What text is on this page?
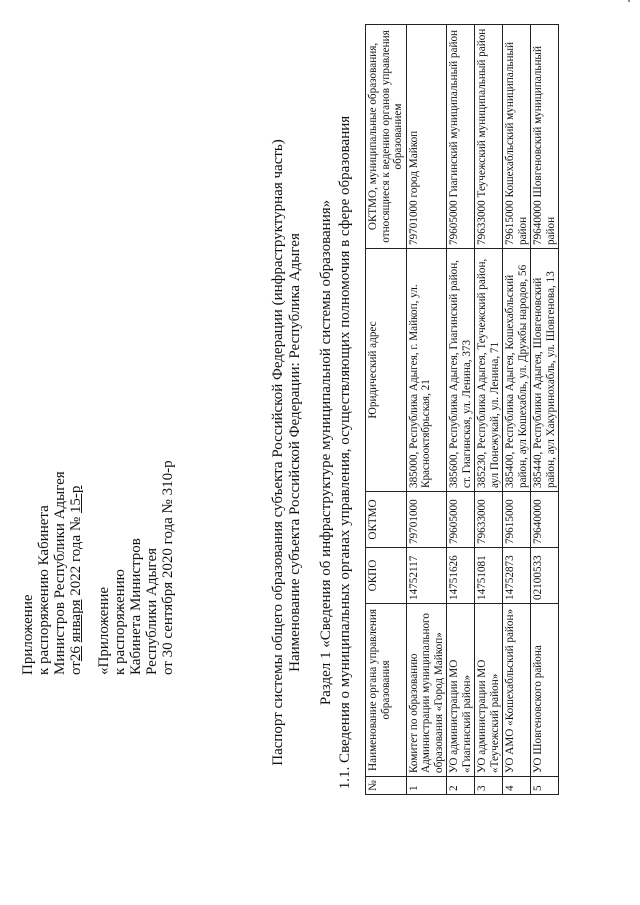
Приложение к распоряжению Кабинета Министров Республики Адыгея от26 января 2022 года № 15-р
«Приложение к распоряжению Кабинета Министров Республики Адыгея от 30 сентября 2020 года № 310-р	Паспорт системы общего образования субъекта Российской Федерации (инфраструктурная часть) Наименование субъекта Российской Федерации: Республика Адыгея Раздел 1 «Сведения об инфраструктуре муниципальной системы образования» 1.1. Сведения о муниципальных органах управления, осуществляющих полномочия в сфере образования №	Наименование органа управления образования	ОКПО	ОКТМО	Юридический адрес	ОКТМО, муниципальные образования, относящиеся к ведению органов управления образованием
1	Комитет по образованию Администрации муниципального образования «Город Майкоп»	14752117	79701000	385000, Республика Адыгея, г. Майкоп, ул. Краснооктябрьская, 21	79701000 город Майкоп
2	УО администрации МО «Гиагинский район»	14751626	79605000	385600, Республика Адыгея, Гиагинский район, ст. Гиагинская, ул. Ленина, 373	79605000 Гиагинский муниципальный район
3	УО администрации МО «Теучежский район»	14751081	79633000	385230, Республика Адыгея, Теучежский район, аул Понежукай, ул. Ленина, 71	79633000 Теучежский муниципальный район
4	УО АМО «Кошехабльский район»	14752873	79615000	385400, Республика Адыгея, Кошехабльский район, аул Кошехабль, ул. Дружбы народов, 56	79615000 Кошехабльский муниципальный район
5	УО Шовгеновского района	02100533	79640000	385440, Республики Адыгея, Шовгеновский район, аул Хакуринохабль, ул. Шовгенова, 13	79640000 Шовгеновский муниципальный район
